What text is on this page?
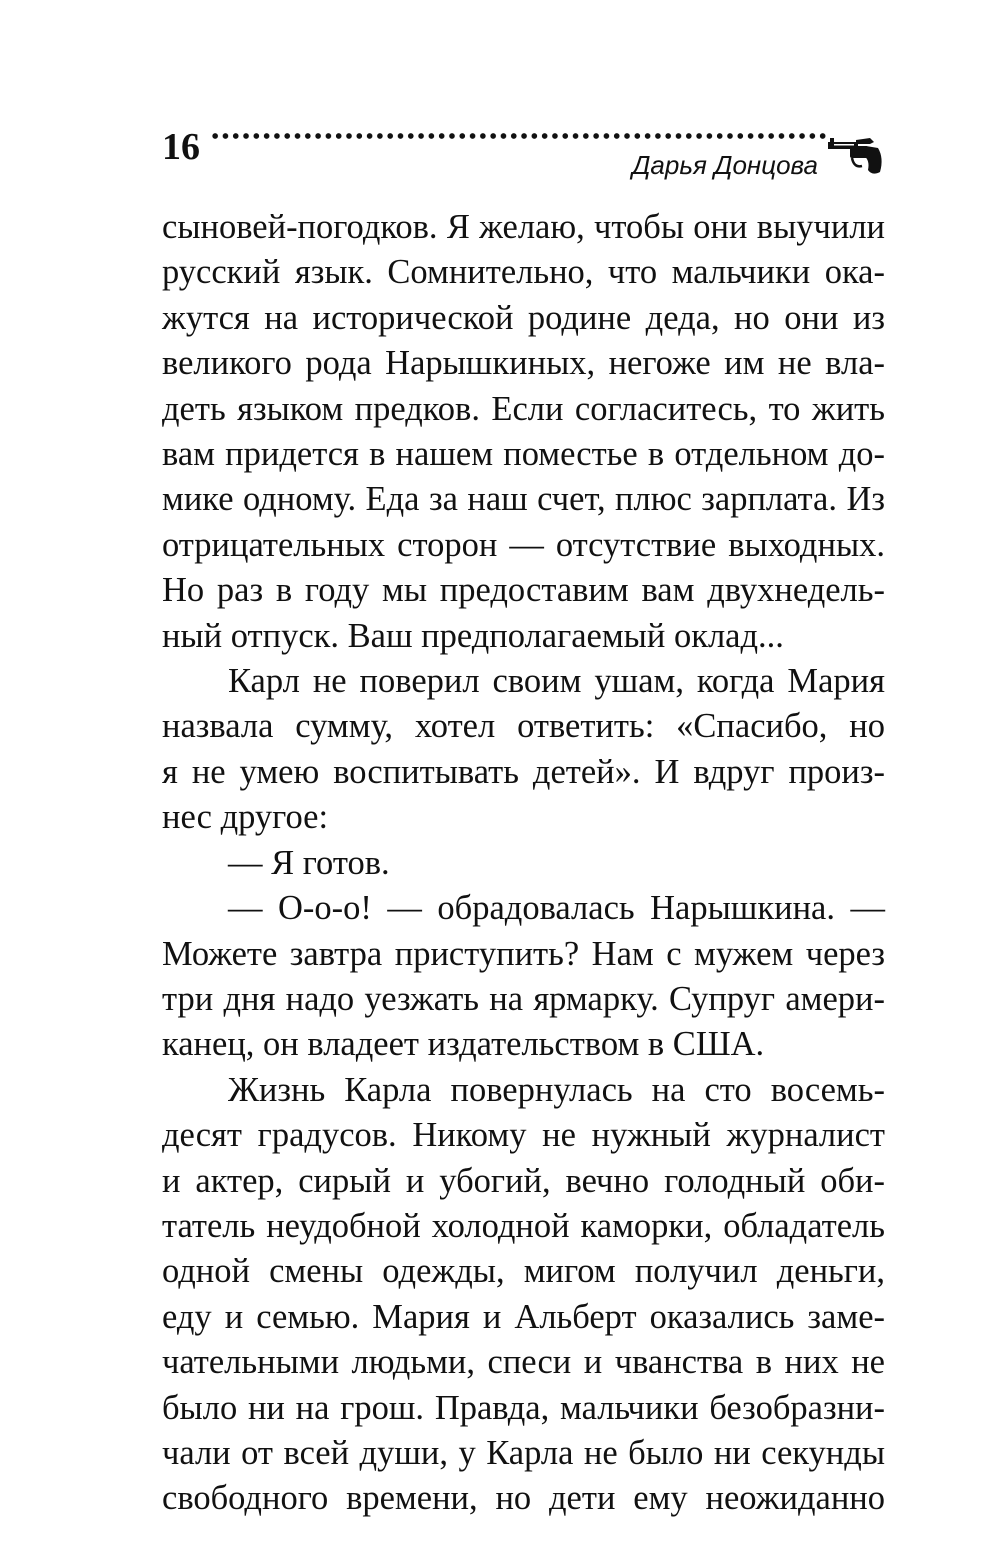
16	Дарья Донцова
сыновей-погодков. Я желаю, чтобы они выучили
русский язык. Сомнительно, что мальчики ока-
жутся на исторической родине деда, но они из
великого рода Нарышкиных, негоже им не вла-
деть языком предков. Если согласитесь, то жить
вам придется в нашем поместье в отдельном до-
мике одному. Еда за наш счет, плюс зарплата. Из
отрицательных сторон — отсутствие выходных.
Но раз в году мы предоставим вам двухнедель-
ный отпуск. Ваш предполагаемый оклад...
Карл не поверил своим ушам, когда Мария
назвала сумму, хотел ответить: «Спасибо, но
я не умею воспитывать детей». И вдруг произ-
нес другое:
— Я готов.
— О-о-о! — обрадовалась Нарышкина. —
Можете завтра приступить? Нам с мужем через
три дня надо уезжать на ярмарку. Супруг амери-
канец, он владеет издательством в США.
Жизнь Карла повернулась на сто восемь-
десят градусов. Никому не нужный журналист
и актер, сирый и убогий, вечно голодный оби-
татель неудобной холодной каморки, обладатель
одной смены одежды, мигом получил деньги,
еду и семью. Мария и Альберт оказались заме-
чательными людьми, спеси и чванства в них не
было ни на грош. Правда, мальчики безобразни-
чали от всей души, у Карла не было ни секунды
свободного времени, но дети ему неожиданно
